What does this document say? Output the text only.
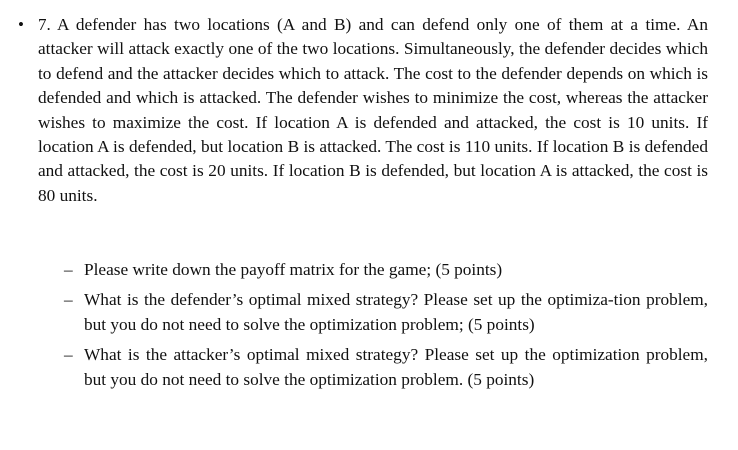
• 7. A defender has two locations (A and B) and can defend only one of them at a time. An attacker will attack exactly one of the two locations. Simultaneously, the defender decides which to defend and the attacker decides which to attack. The cost to the defender depends on which is defended and which is attacked. The defender wishes to minimize the cost, whereas the attacker wishes to maximize the cost. If location A is defended and attacked, the cost is 10 units. If location A is defended, but location B is attacked. The cost is 110 units. If location B is defended and attacked, the cost is 20 units. If location B is defended, but location A is attacked, the cost is 80 units.

– Please write down the payoff matrix for the game; (5 points)
– What is the defender’s optimal mixed strategy? Please set up the optimiza-tion problem, but you do not need to solve the optimization problem; (5 points)
– What is the attacker’s optimal mixed strategy? Please set up the optimization problem, but you do not need to solve the optimization problem. (5 points)
